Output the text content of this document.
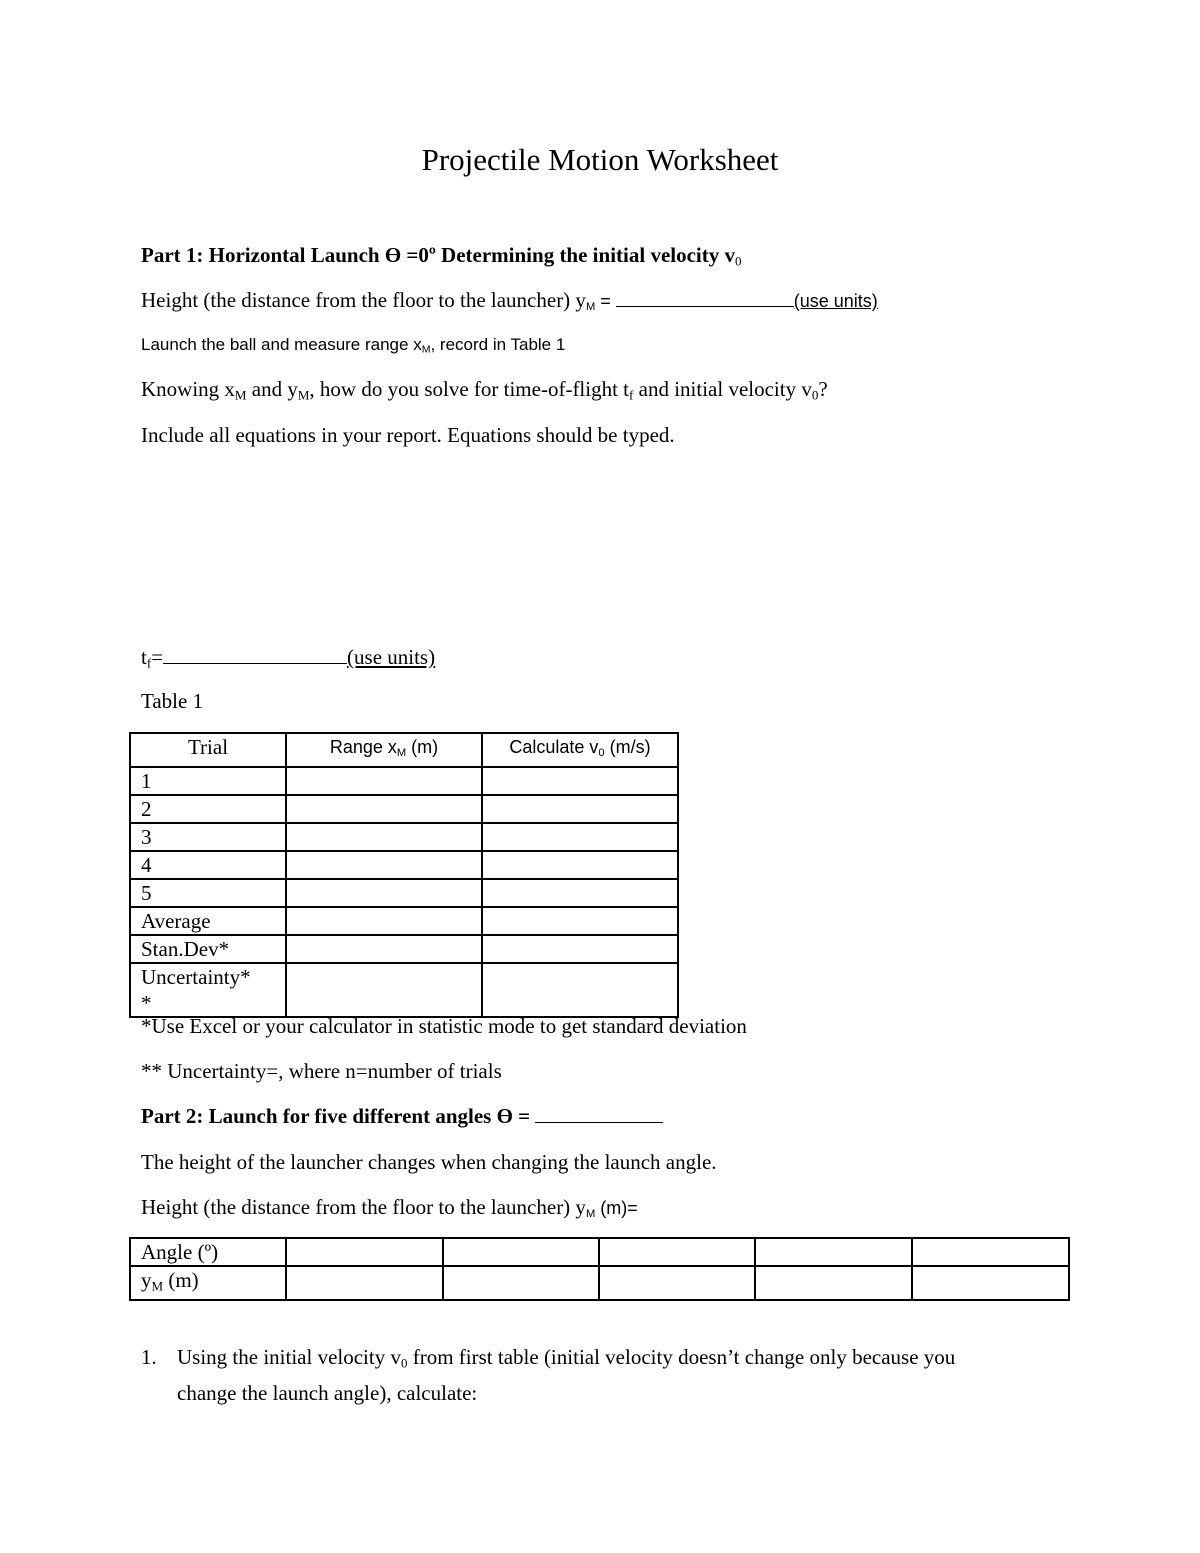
Projectile Motion Worksheet
Part 1: Horizontal Launch ϴ =0º Determining the initial velocity $v_0$
Height (the distance from the floor to the launcher) $y_M$ =	(use units)
Launch the ball and measure range $x_M$, record in Table 1
Knowing $x_M$ and $y_M$, how do you solve for time-of-flight $t_f$ and initial velocity $v_0$?
Include all equations in your report. Equations should be typed.
$t_f=$	(use units)
Table 1
Trial	Range $x_M$ (m)	Calculate $v_0$ (m/s)
1		
2		
3		
4		
5		
Average		
Stan.Dev*		

Uncertainty*
*		

*Use Excel or your calculator in statistic mode to get standard deviation
** Uncertainty=, where n=number of trials
Part 2: Launch for five different angles ϴ =
The height of the launcher changes when changing the launch angle.
Height (the distance from the floor to the launcher) $y_M$ (m)=
Angle (º)					
$y_M$ (m)					
1. Using the initial velocity $v_0$ from first table (initial velocity doesn’t change only because you
change the launch angle), calculate:
